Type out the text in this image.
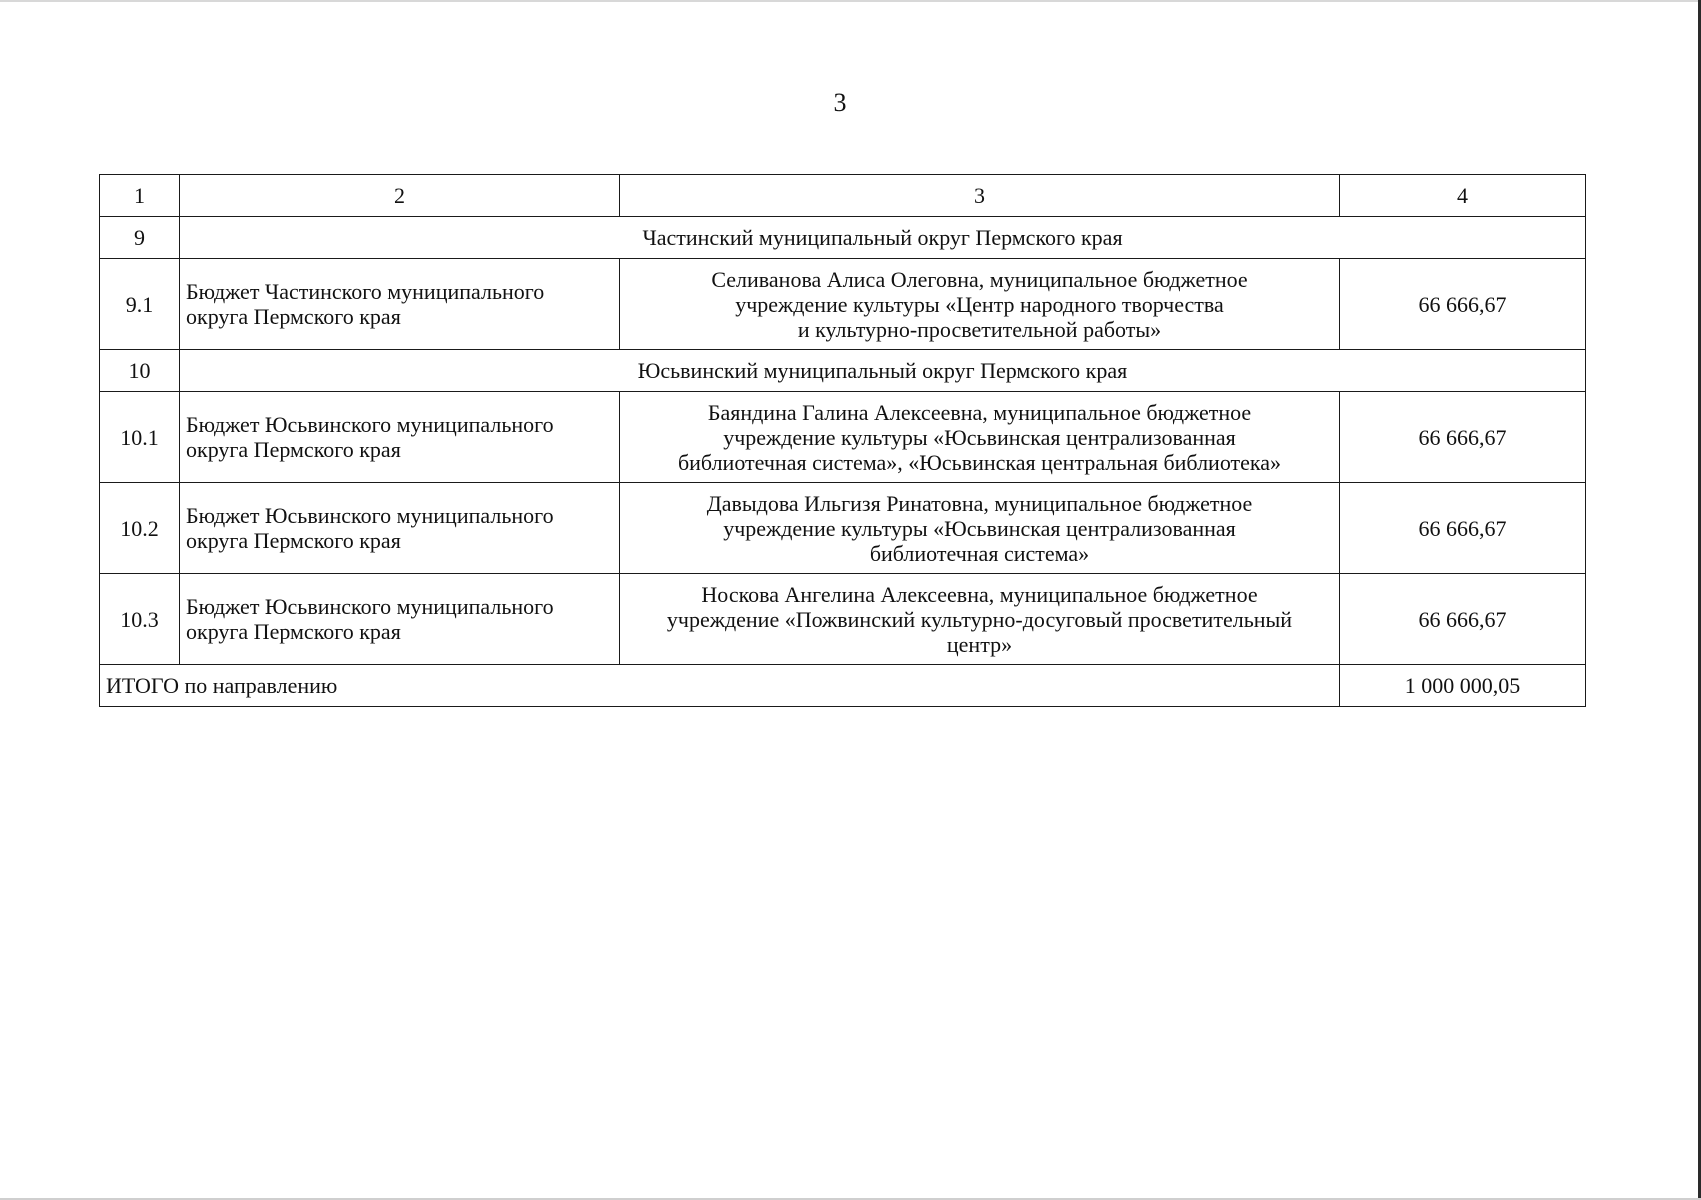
3
1	2	3	4
9	Частинский муниципальный округ Пермского края		
9.1	Бюджет Частинского муниципального
округа Пермского края	Селиванова Алиса Олеговна, муниципальное бюджетное
учреждение культуры «Центр народного творчества
и культурно-просветительной работы»	66 666,67
10	Юсьвинский муниципальный округ Пермского края		
10.1	Бюджет Юсьвинского муниципального
округа Пермского края	Баяндина Галина Алексеевна, муниципальное бюджетное
учреждение культуры «Юсьвинская централизованная
библиотечная система», «Юсьвинская центральная библиотека»	66 666,67
10.2	Бюджет Юсьвинского муниципального
округа Пермского края	Давыдова Ильгизя Ринатовна, муниципальное бюджетное
учреждение культуры «Юсьвинская централизованная
библиотечная система»	66 666,67
10.3	Бюджет Юсьвинского муниципального
округа Пермского края	Носкова Ангелина Алексеевна, муниципальное бюджетное
учреждение «Пожвинский культурно-досуговый просветительный
центр»	66 666,67
ИТОГО по направлению			1 000 000,05
